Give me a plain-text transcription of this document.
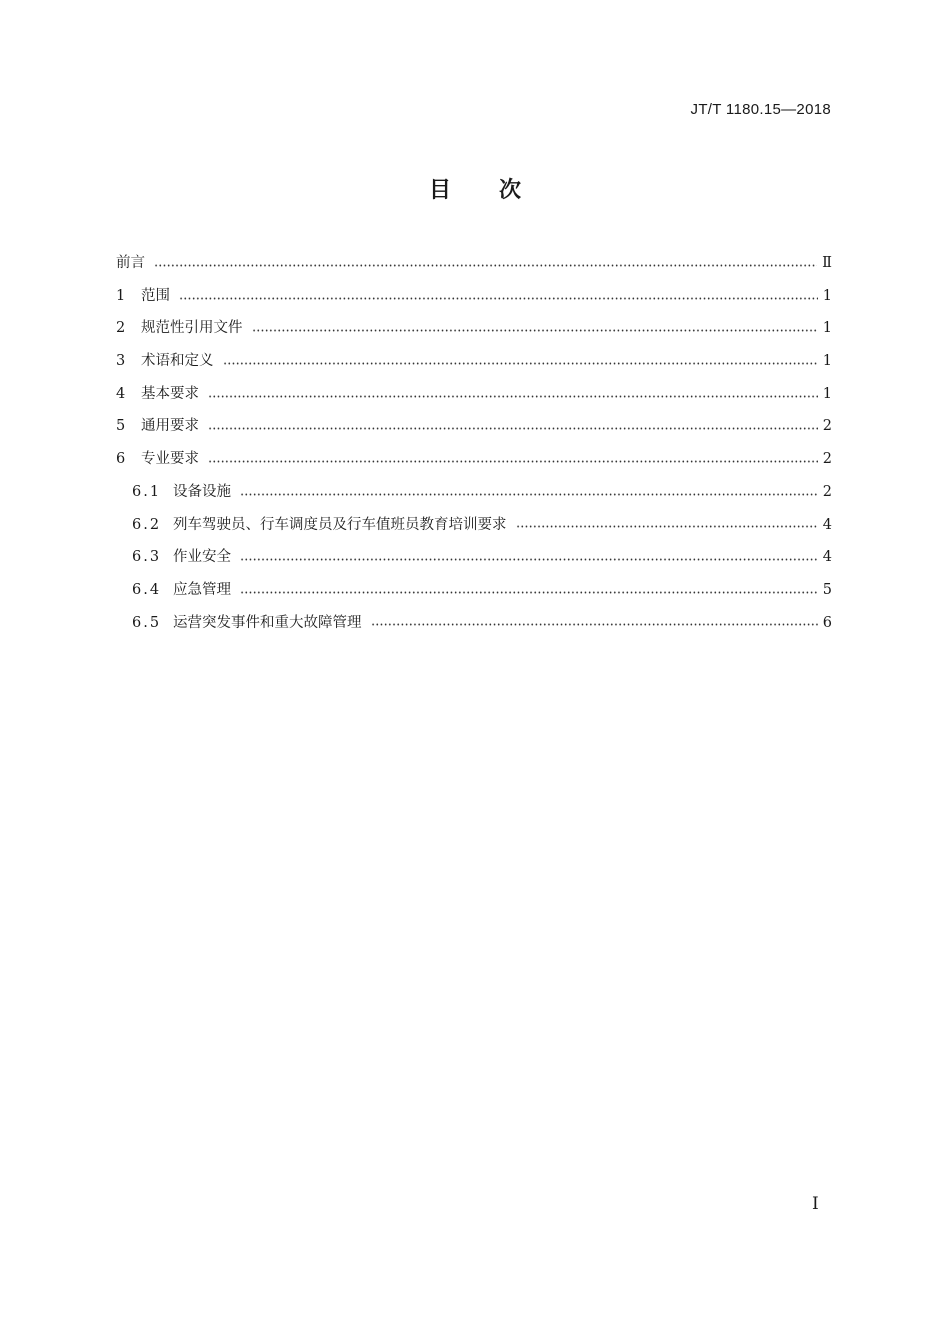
JT/T 1180.15—2018
目次
前言	Ⅱ
1	范围	1
2	规范性引用文件	1
3	术语和定义	1
4	基本要求	1
5	通用要求	2
6	专业要求	2
6.1 设备设施	2
6.2 列车驾驶员、行车调度员及行车值班员教育培训要求	4
6.3 作业安全	4
6.4 应急管理	5
6.5 运营突发事件和重大故障管理	6
I
